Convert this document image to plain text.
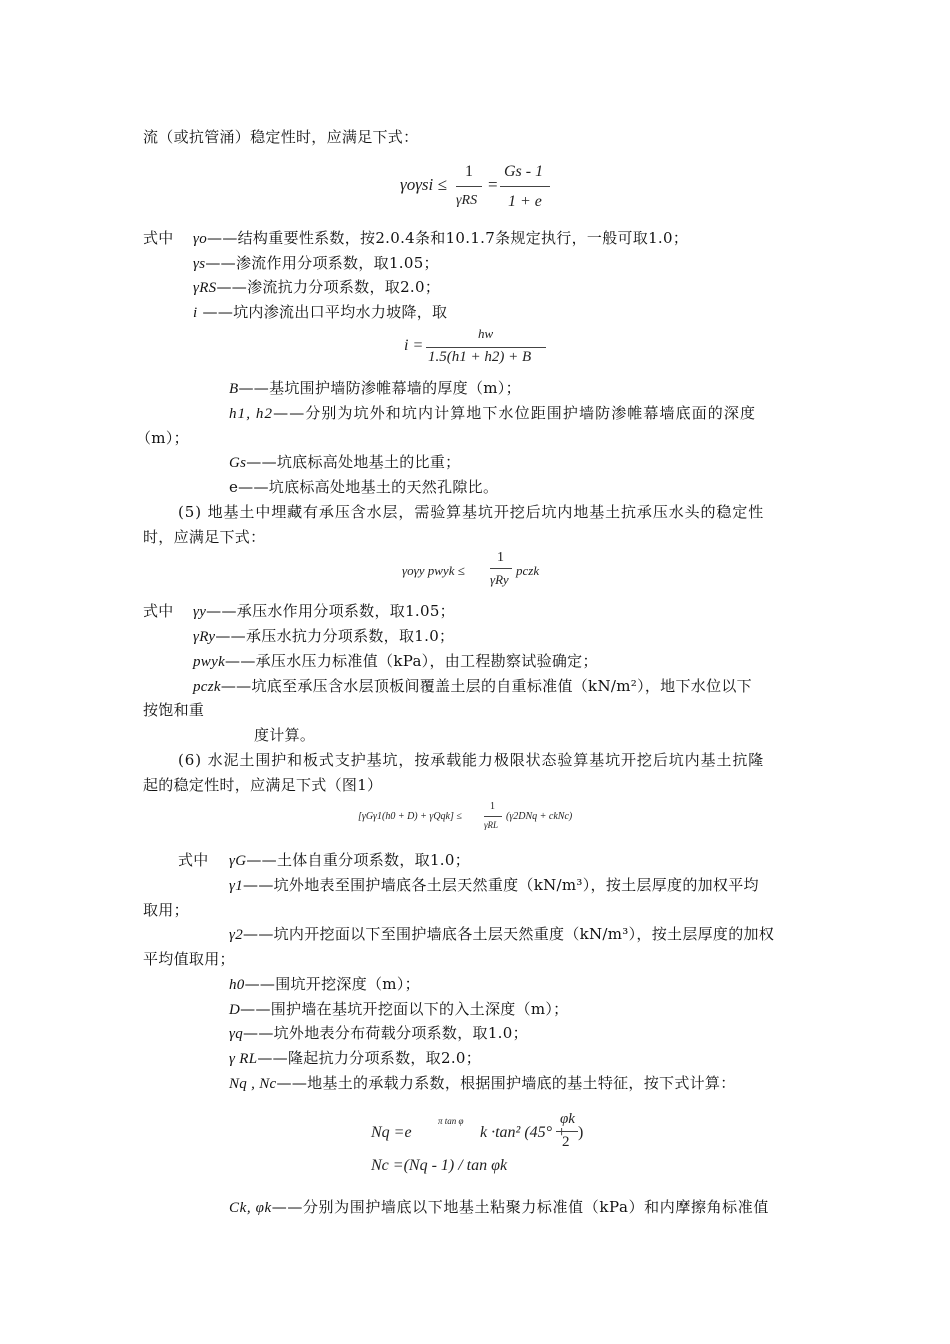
流（或抗管涌）稳定性时，应满足下式：
γoγsi ≤
1
γRS
=
Gs - 1
1 + e
式中 γo——结构重要性系数，按2.0.4条和10.1.7条规定执行，一般可取1.0；
γs——渗流作用分项系数，取1.05；
γRS——渗流抗力分项系数，取2.0；
i ——坑内渗流出口平均水力坡降，取
i =
hw
1.5(h1 + h2) + B
B——基坑围护墙防渗帷幕墙的厚度（m）；
h1, h2——分别为坑外和坑内计算地下水位距围护墙防渗帷幕墙底面的深度
（m）；
Gs——坑底标高处地基土的比重；
e——坑底标高处地基土的天然孔隙比。
(5) 地基土中埋藏有承压含水层，需验算基坑开挖后坑内地基土抗承压水头的稳定性
时，应满足下式：
γoγy pwyk ≤
1
γRy
pczk
式中 γy——承压水作用分项系数，取1.05；
γRy——承压水抗力分项系数，取1.0；
pwyk——承压水压力标准值（kPa），由工程勘察试验确定；
pczk——坑底至承压含水层顶板间覆盖土层的自重标准值（kN/m²），地下水位以下
按饱和重
度计算。
(6) 水泥土围护和板式支护基坑，按承载能力极限状态验算基坑开挖后坑内基土抗隆
起的稳定性时，应满足下式（图1）
[γGγ1(h0 + D) + γQqk] ≤
1
γRL
(γ2DNq + ckNc)
式中 γG——土体自重分项系数，取1.0；
γ1——坑外地表至围护墙底各土层天然重度（kN/m³），按土层厚度的加权平均
取用；
γ2——坑内开挖面以下至围护墙底各土层天然重度（kN/m³），按土层厚度的加权
平均值取用；
h0——围坑开挖深度（m）；
D——围护墙在基坑开挖面以下的入土深度（m）；
γq——坑外地表分布荷载分项系数，取1.0；
γ RL——隆起抗力分项系数，取2.0；
Nq , Nc——地基土的承载力系数，根据围护墙底的基土特征，按下式计算：
Nq =e
π tan φ
k ·tan² (45° +
φk
2
)
Nc =(Nq - 1) / tan φk
Ck, φk——分别为围护墙底以下地基土粘聚力标准值（kPa）和内摩擦角标准值
